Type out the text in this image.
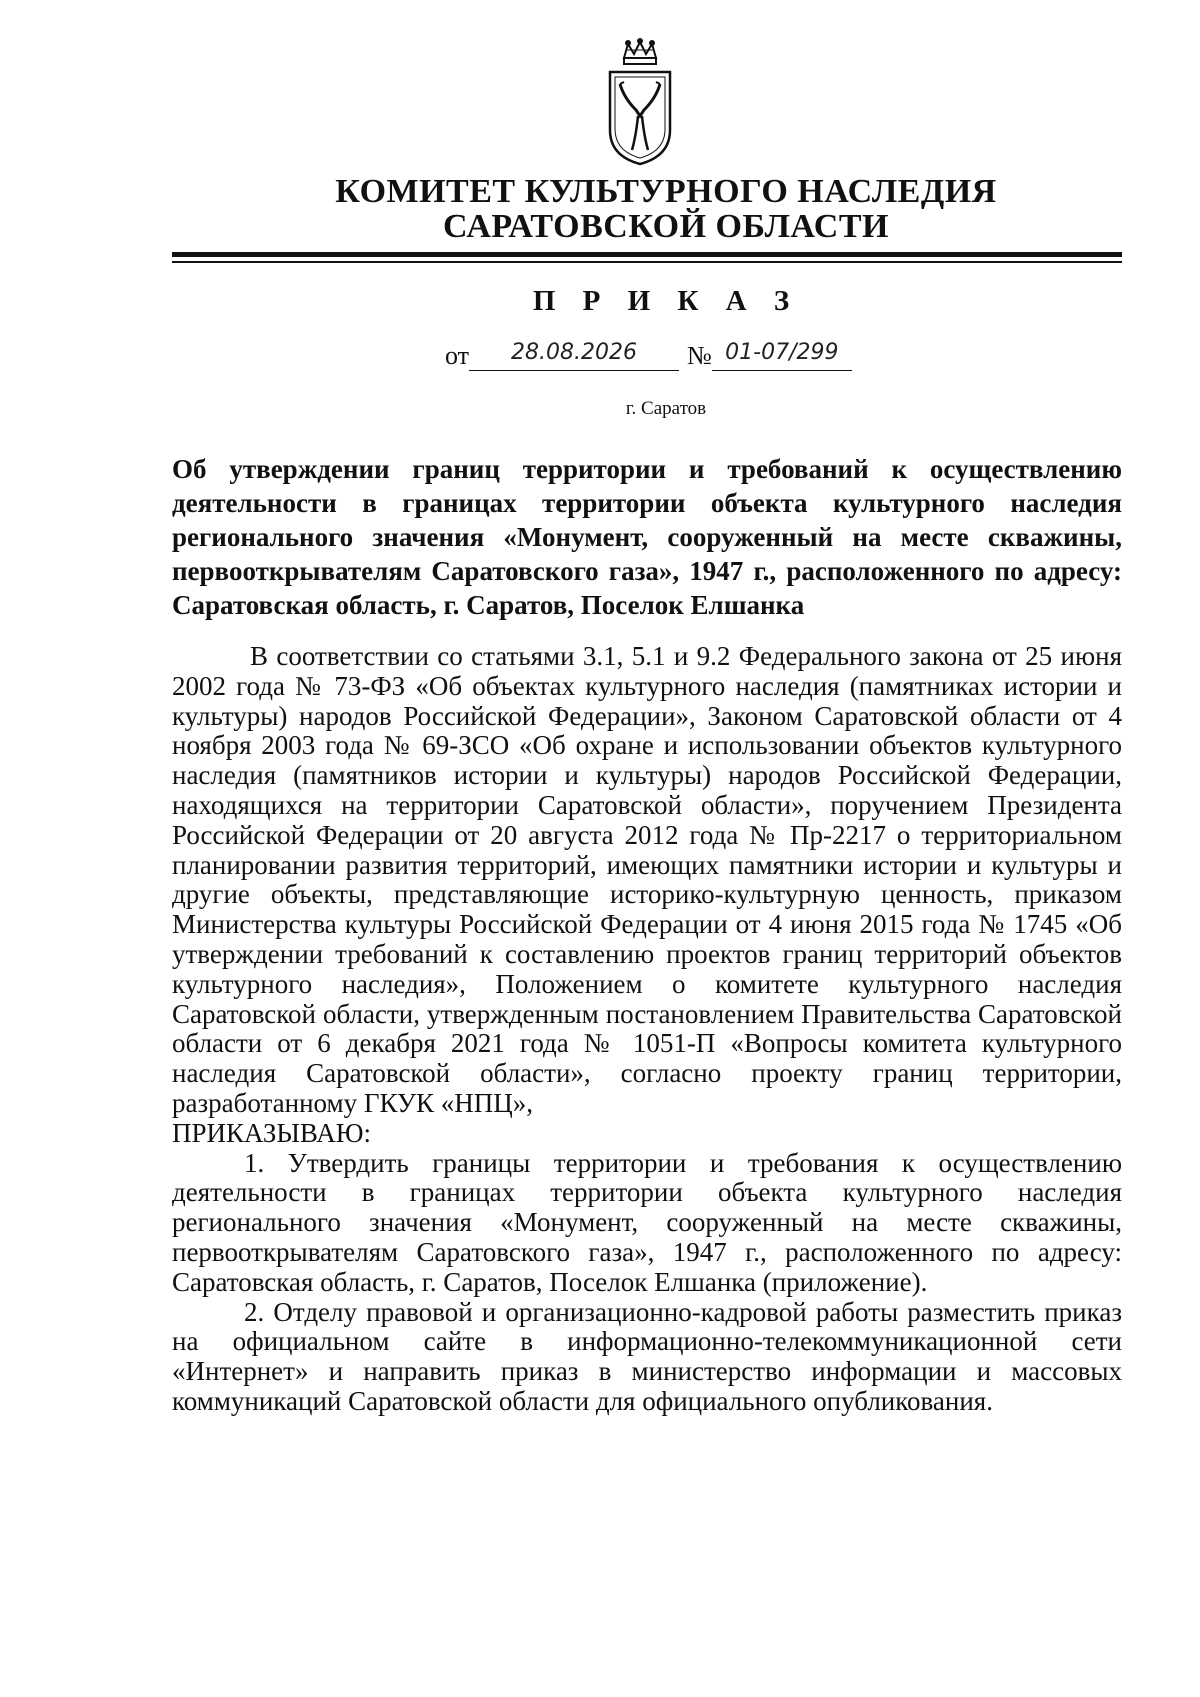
КОМИТЕТ КУЛЬТУРНОГО НАСЛЕДИЯ
САРАТОВСКОЙ ОБЛАСТИ
П Р И К А З
от 28.08.2026 № 01-07/299
г. Саратов
Об утверждении границ территории и требований к осуществлению деятельности в границах территории объекта культурного наследия регионального значения «Монумент, сооруженный на месте скважины, первооткрывателям Саратовского газа», 1947 г., расположенного по адресу: Саратовская область, г. Саратов, Поселок Елшанка

В соответствии со статьями 3.1, 5.1 и 9.2 Федерального закона от 25 июня 2002 года № 73-ФЗ «Об объектах культурного наследия (памятниках истории и культуры) народов Российской Федерации», Законом Саратовской области от 4 ноября 2003 года № 69-ЗСО «Об охране и использовании объектов культурного наследия (памятников истории и культуры) народов Российской Федерации, находящихся на территории Саратовской области», поручением Президента Российской Федерации от 20 августа 2012 года № Пр-2217 о территориальном планировании развития территорий, имеющих памятники истории и культуры и другие объекты, представляющие историко-культурную ценность, приказом Министерства культуры Российской Федерации от 4 июня 2015 года № 1745 «Об утверждении требований к составлению проектов границ территорий объектов культурного наследия», Положением о комитете культурного наследия Саратовской области, утвержденным постановлением Правительства Саратовской области от 6 декабря 2021 года № 1051-П «Вопросы комитета культурного наследия Саратовской области», согласно проекту границ территории, разработанному ГКУК «НПЦ»,

ПРИКАЗЫВАЮ:

1. Утвердить границы территории и требования к осуществлению деятельности в границах территории объекта культурного наследия регионального значения «Монумент, сооруженный на месте скважины, первооткрывателям Саратовского газа», 1947 г., расположенного по адресу: Саратовская область, г. Саратов, Поселок Елшанка (приложение).

2. Отделу правовой и организационно-кадровой работы разместить приказ на официальном сайте в информационно-телекоммуникационной сети «Интернет» и направить приказ в министерство информации и массовых коммуникаций Саратовской области для официального опубликования.
